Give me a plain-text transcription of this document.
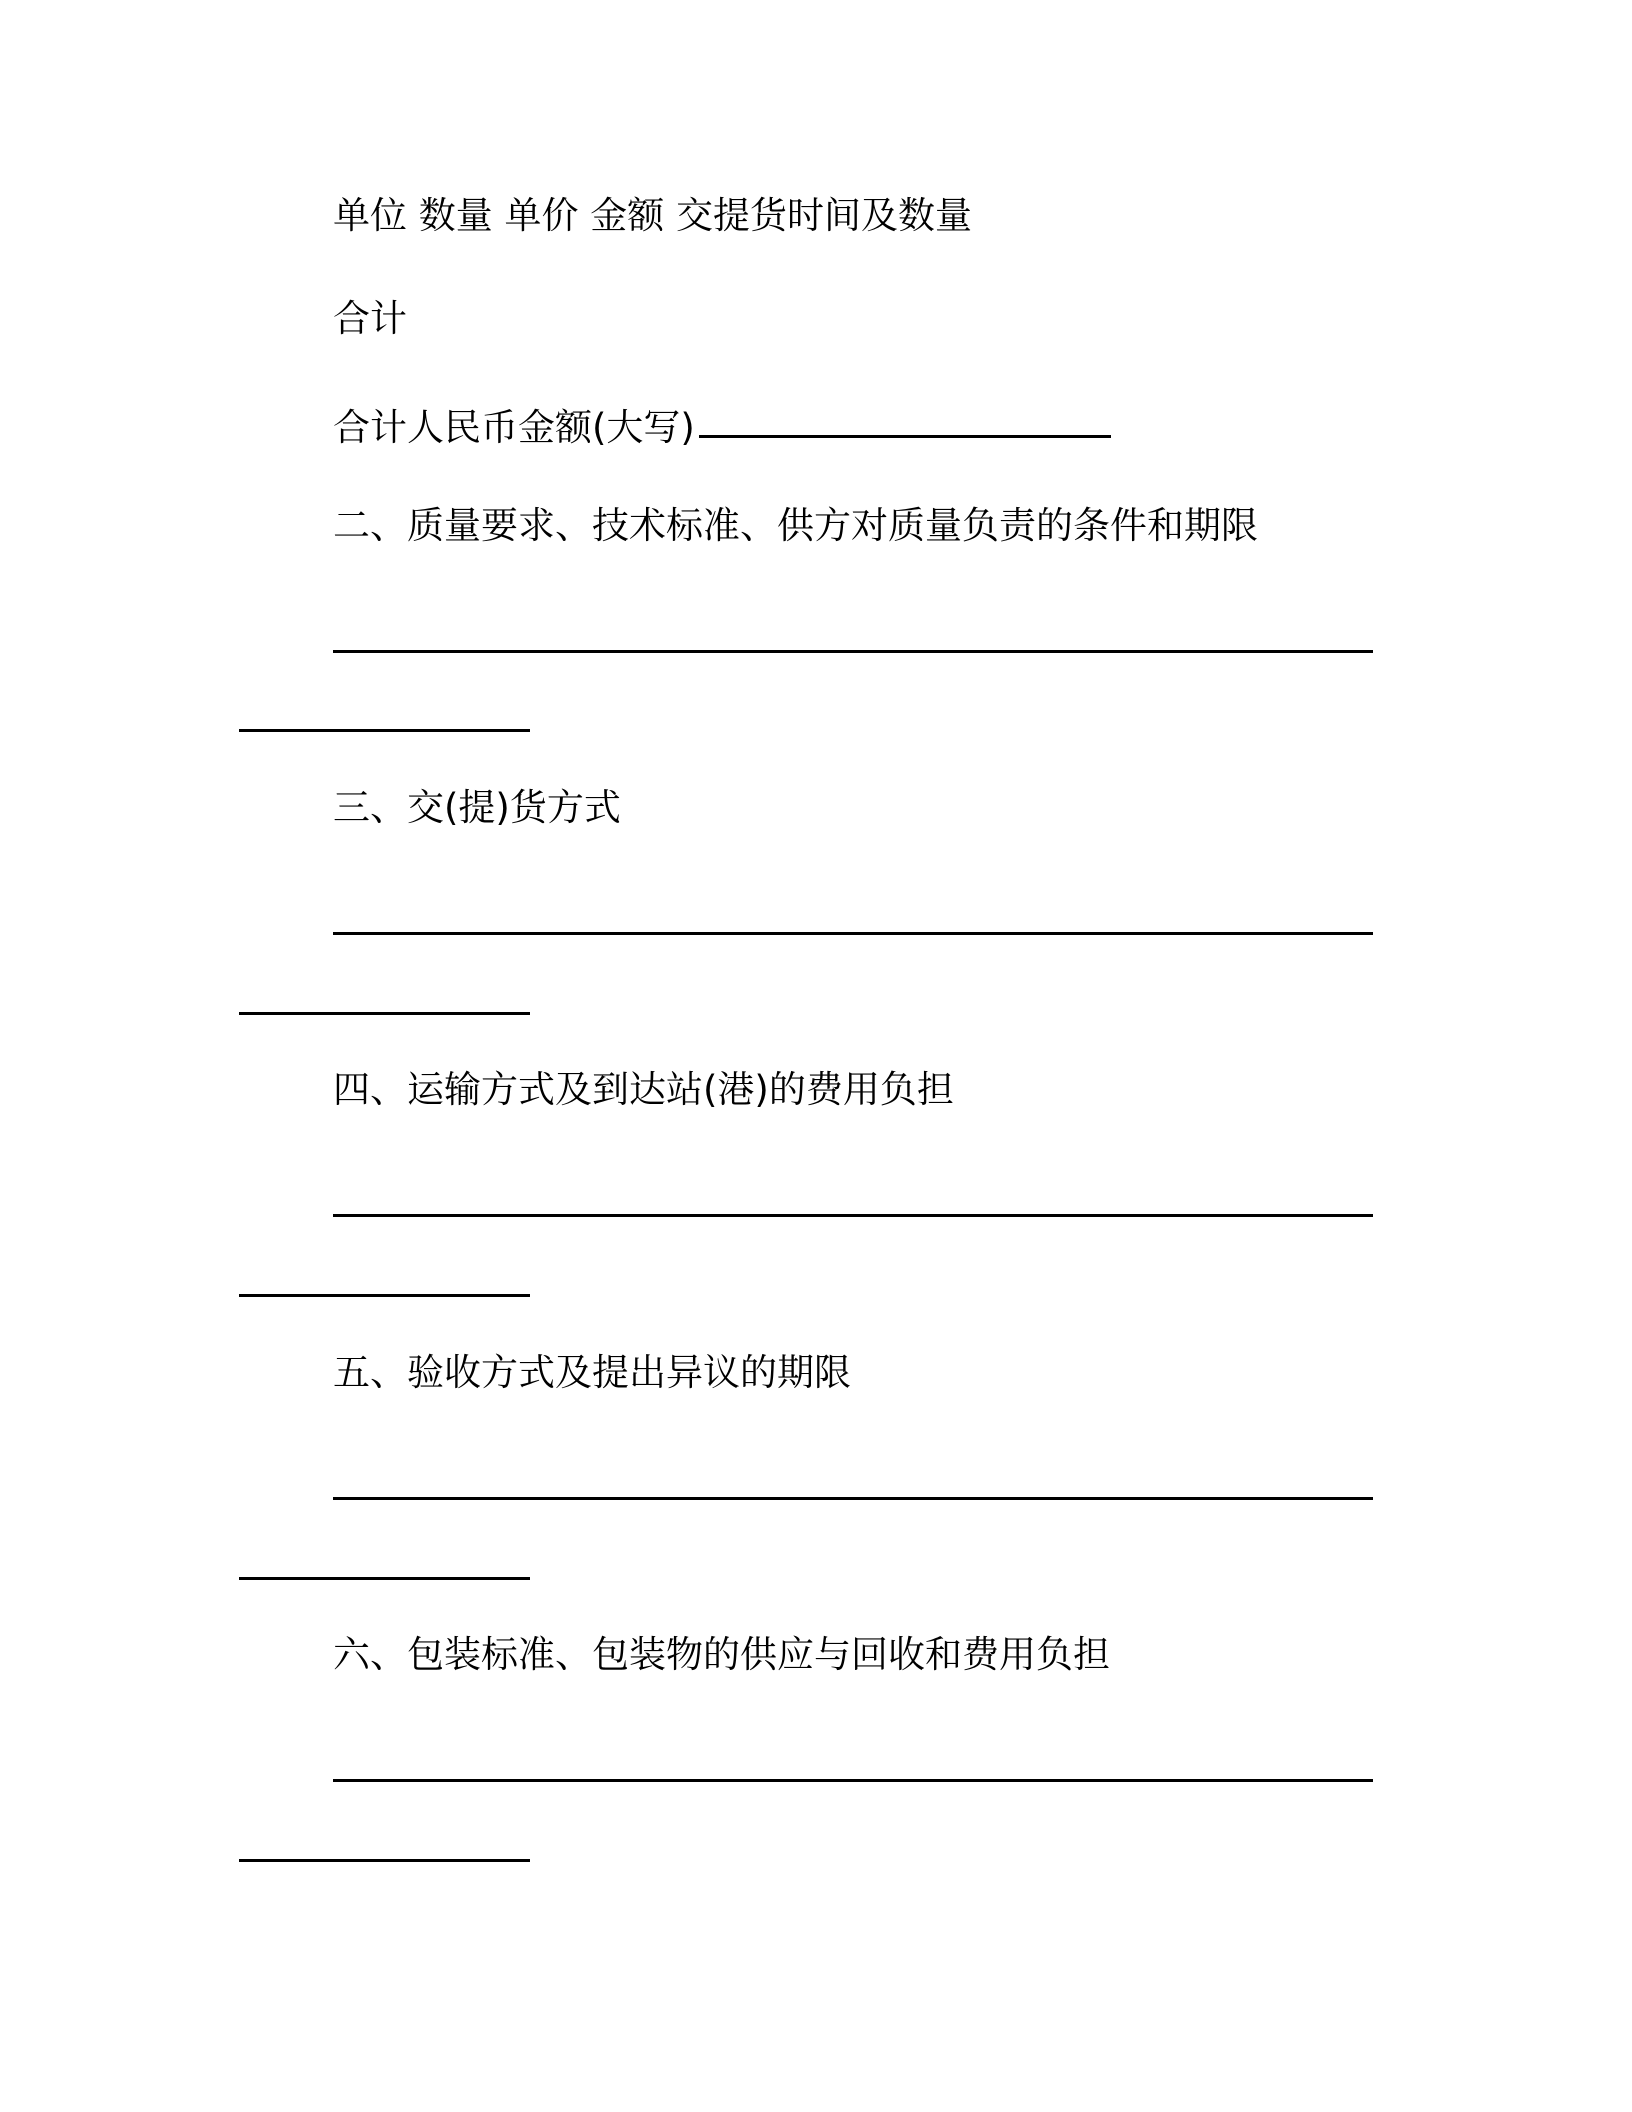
单位 数量 单价 金额 交提货时间及数量
合计
合计人民币金额(大写)
二、质量要求、技术标准、供方对质量负责的条件和期限
三、交(提)货方式
四、运输方式及到达站(港)的费用负担
五、验收方式及提出异议的期限
六、包装标准、包装物的供应与回收和费用负担
